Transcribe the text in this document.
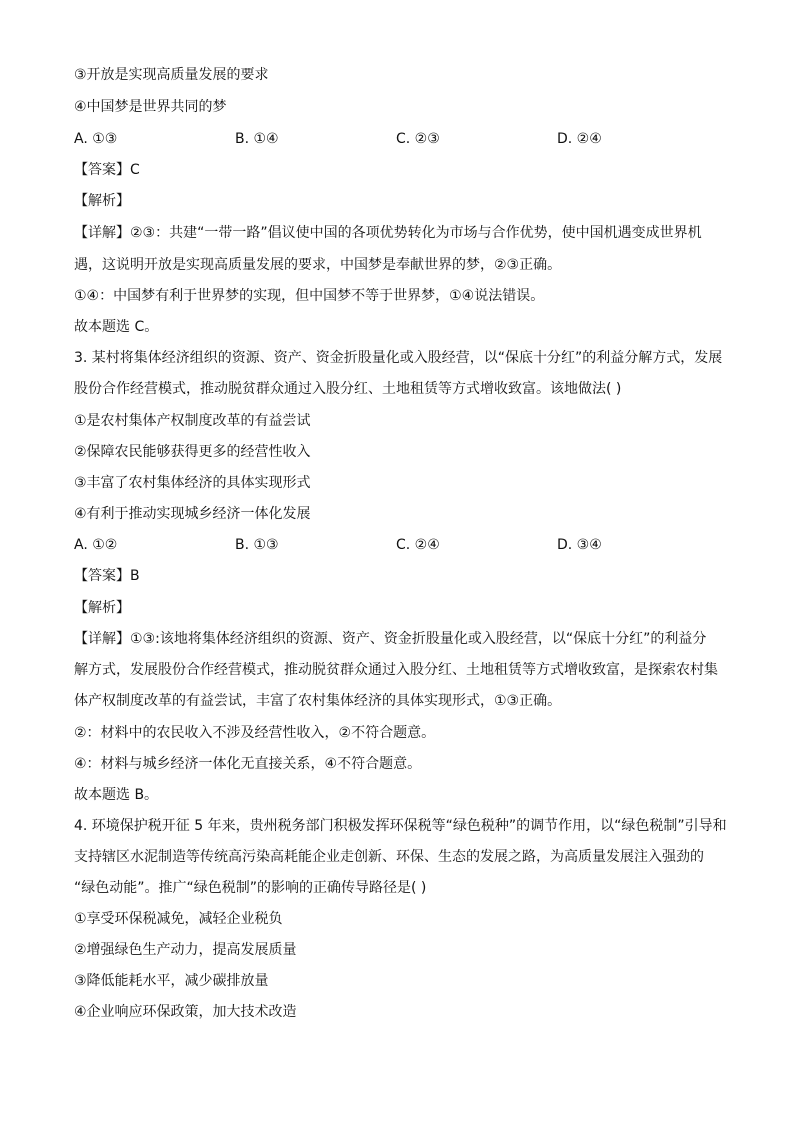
③开放是实现高质量发展的要求
④中国梦是世界共同的梦
A. ①③	B. ①④	C. ②③	D. ②④
【答案】C
【解析】
【详解】②③：共建“一带一路”倡议使中国的各项优势转化为市场与合作优势，使中国机遇变成世界机
遇，这说明开放是实现高质量发展的要求，中国梦是奉献世界的梦，②③正确。
①④：中国梦有利于世界梦的实现，但中国梦不等于世界梦，①④说法错误。
故本题选 C。
3. 某村将集体经济组织的资源、资产、资金折股量化或入股经营，以“保底十分红”的利益分解方式，发展
股份合作经营模式，推动脱贫群众通过入股分红、土地租赁等方式增收致富。该地做法( )
①是农村集体产权制度改革的有益尝试
②保障农民能够获得更多的经营性收入
③丰富了农村集体经济的具体实现形式
④有利于推动实现城乡经济一体化发展
A. ①②	B. ①③	C. ②④	D. ③④
【答案】B
【解析】
【详解】①③:该地将集体经济组织的资源、资产、资金折股量化或入股经营，以“保底十分红”的利益分
解方式，发展股份合作经营模式，推动脱贫群众通过入股分红、土地租赁等方式增收致富，是探索农村集
体产权制度改革的有益尝试，丰富了农村集体经济的具体实现形式，①③正确。
②：材料中的农民收入不涉及经营性收入，②不符合题意。
④：材料与城乡经济一体化无直接关系，④不符合题意。
故本题选 B。
4. 环境保护税开征 5 年来，贵州税务部门积极发挥环保税等“绿色税种”的调节作用，以“绿色税制”引导和
支持辖区水泥制造等传统高污染高耗能企业走创新、环保、生态的发展之路，为高质量发展注入强劲的
“绿色动能”。推广“绿色税制”的影响的正确传导路径是( )
①享受环保税减免，减轻企业税负
②增强绿色生产动力，提高发展质量
③降低能耗水平，减少碳排放量
④企业响应环保政策，加大技术改造
